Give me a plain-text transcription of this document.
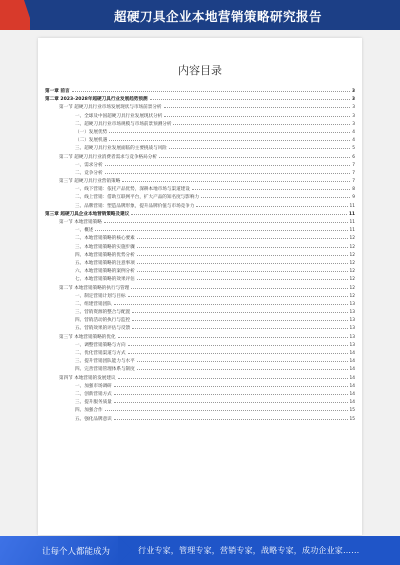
超硬刀具企业本地营销策略研究报告
内容目录
第一章 前言	3
第二章 2023-2028年超硬刀具行业发展趋势预测	3
第一节 超硬刀具行业市场发展现状与市场前景分析	3
一、全球及中国超硬刀具行业发展现状分析	3
二、超硬刀具行业市场规模与市场前景预测分析	3
（一）发展优势	4
（二）发展机遇	4
三、超硬刀具行业发展面临的主要挑战与风险	5
第二节 超硬刀具行业消费者需求与竞争格局分析	6
一、需求分析	7
二、竞争分析	7
第三节 超硬刀具行业营销策略	7
一、线下营销：依托产品优势，深耕本地市场与渠道建设	8
二、线上营销：借助互联网平台，扩大产品的知名度与影响力	9
三、品牌营销：塑造品牌形象，提升品牌价值与市场竞争力	11
第三章 超硬刀具企业本地营销策略及建议	11
第一节 本地营销策略	11
一、概述	11
二、本地营销策略的核心要素	12
三、本地营销策略的实施步骤	12
四、本地营销策略的优势分析	12
五、本地营销策略的注意事项	12
六、本地营销策略的案例分析	12
七、本地营销策略的效果评估	12
第二节 本地营销策略的执行与管理	12
一、制定营销计划与目标	12
二、组建营销团队	13
三、营销资源的整合与配置	13
四、营销活动的执行与监控	13
五、营销效果的评估与反馈	13
第三节 本地营销策略的优化	13
一、调整营销策略与方向	13
二、优化营销渠道与方式	14
三、提升营销团队能力与水平	14
四、完善营销管理体系与制度	14
第四节 本地营销的发展建议	14
一、加强市场调研	14
二、创新营销方式	14
三、提升服务质量	14
四、加强合作	15
五、强化品牌意识	15
让每个人都能成为	行业专家，管理专家，营销专家，战略专家，成功企业家……
